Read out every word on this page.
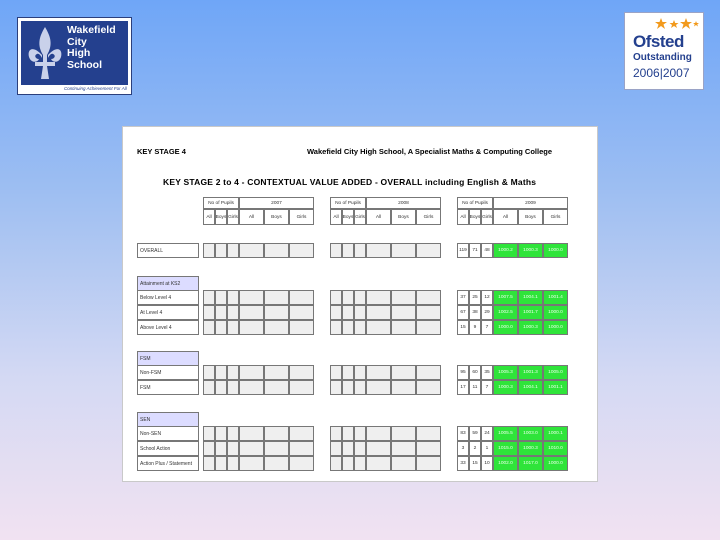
Wakefield
City
High
School
Continuing Achievement For All
Ofsted
Outstanding
2006|2007
KEY STAGE 4	Wakefield City High School, A Specialist Maths & Computing College
KEY STAGE 2 to 4 - CONTEXTUAL VALUE ADDED - OVERALL including English & Maths
No of Pupils	2007
All Boys Girls	All	Boys	Girls
No of Pupils	2008
All Boys Girls	All	Boys	Girls
No of Pupils	2009
All Boys Girls	All	Boys	Girls
OVERALL	119	71	48	1000.2	1000.3	1000.0
Attainment at KS2
Below Level 4	37	25	12	1007.5	1004.1	1001.4
At Level 4	67	38	29	1002.5	1001.7	1000.0
Above Level 4	15	9	7	1000.0	1000.3	1000.0
FSM
Non-FSM	95	60	35	1005.3	1001.3	1005.0
FSM	17	11	7	1000.3	1004.1	1001.1
SEN
Non-SEN	83	59	24	1005.5	1003.0	1000.1
School Action	3	2	1	1015.0	1000.3	1010.0
Action Plus / Statement	33	15	10	1002.0	1017.0	1000.0
